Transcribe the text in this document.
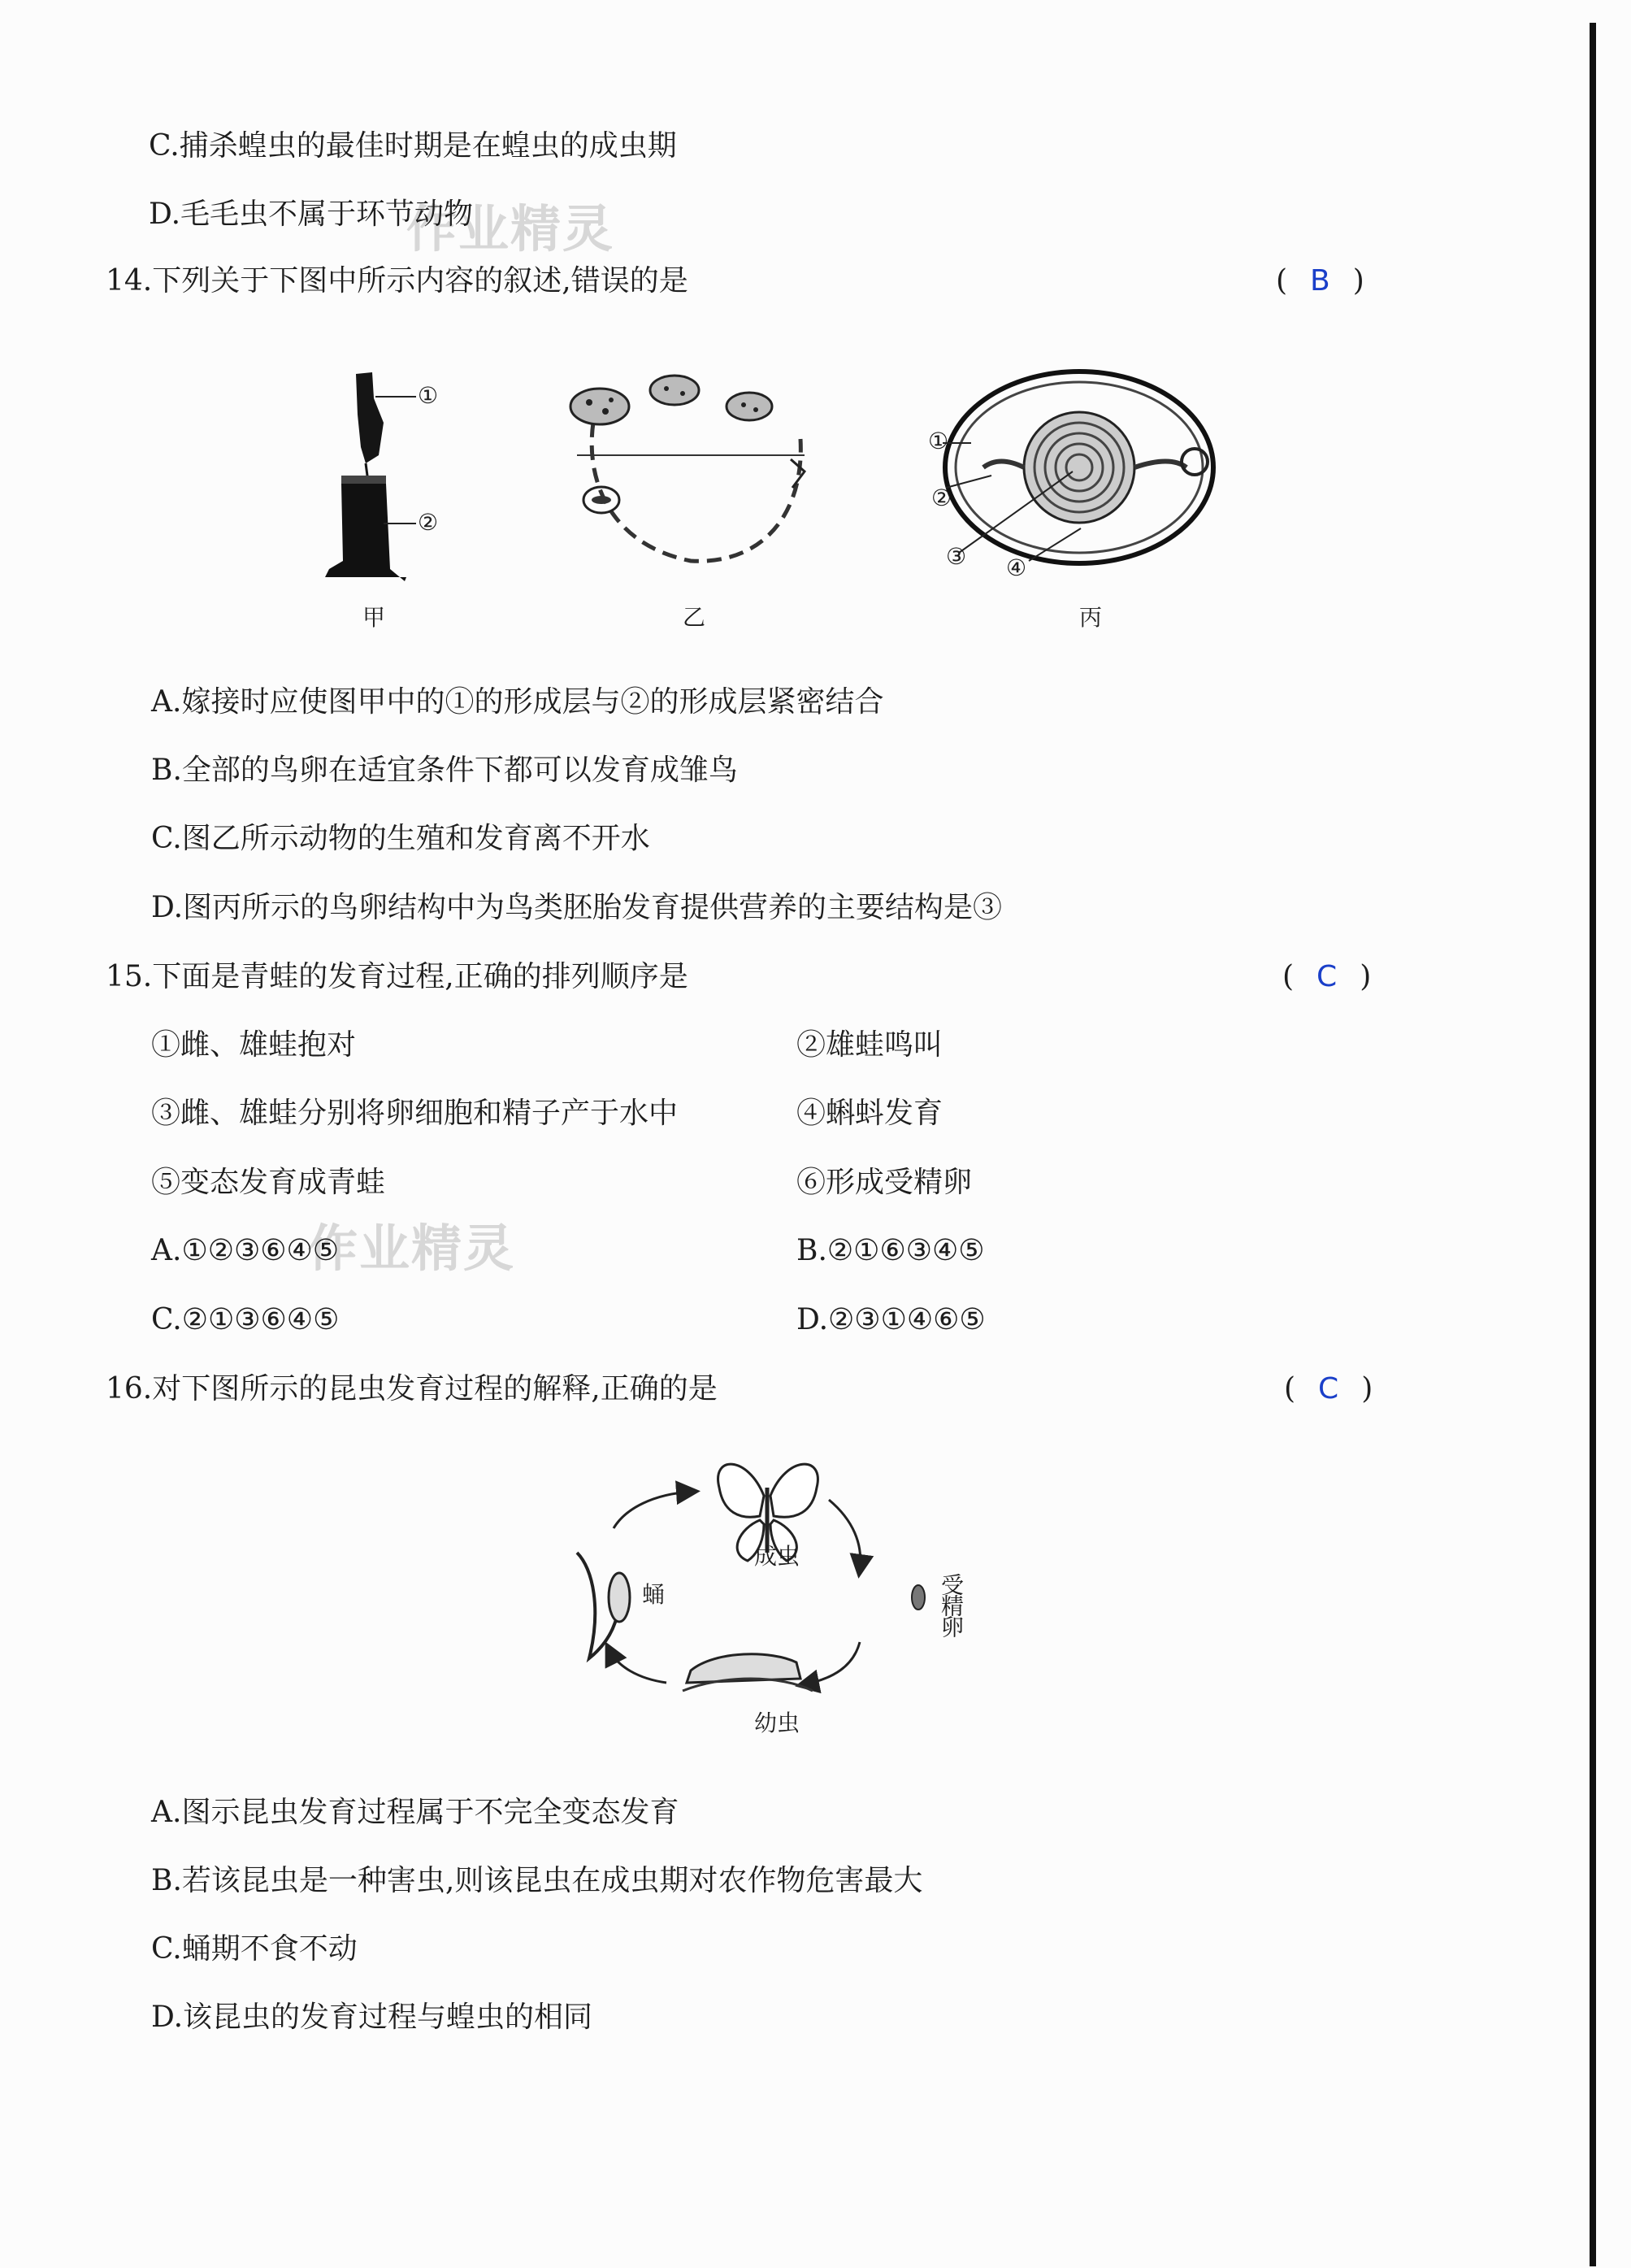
作业精灵
作业精灵
C.捕杀蝗虫的最佳时期是在蝗虫的成虫期
D.毛毛虫不属于环节动物
14.下列关于下图中所示内容的叙述,错误的是	( B )
①
②
甲	乙
①
②
③ ④
丙
A.嫁接时应使图甲中的①的形成层与②的形成层紧密结合
B.全部的鸟卵在适宜条件下都可以发育成雏鸟
C.图乙所示动物的生殖和发育离不开水
D.图丙所示的鸟卵结构中为鸟类胚胎发育提供营养的主要结构是③
15.下面是青蛙的发育过程,正确的排列顺序是	( C )
①雌、雄蛙抱对	②雄蛙鸣叫
③雌、雄蛙分别将卵细胞和精子产于水中	④蝌蚪发育
⑤变态发育成青蛙	⑥形成受精卵
A.①②③⑥④⑤	B.②①⑥③④⑤
C.②①③⑥④⑤	D.②③①④⑥⑤
16.对下图所示的昆虫发育过程的解释,正确的是	( C )
成虫
蛹	受精卵
幼虫
A.图示昆虫发育过程属于不完全变态发育
B.若该昆虫是一种害虫,则该昆虫在成虫期对农作物危害最大
C.蛹期不食不动
D.该昆虫的发育过程与蝗虫的相同
